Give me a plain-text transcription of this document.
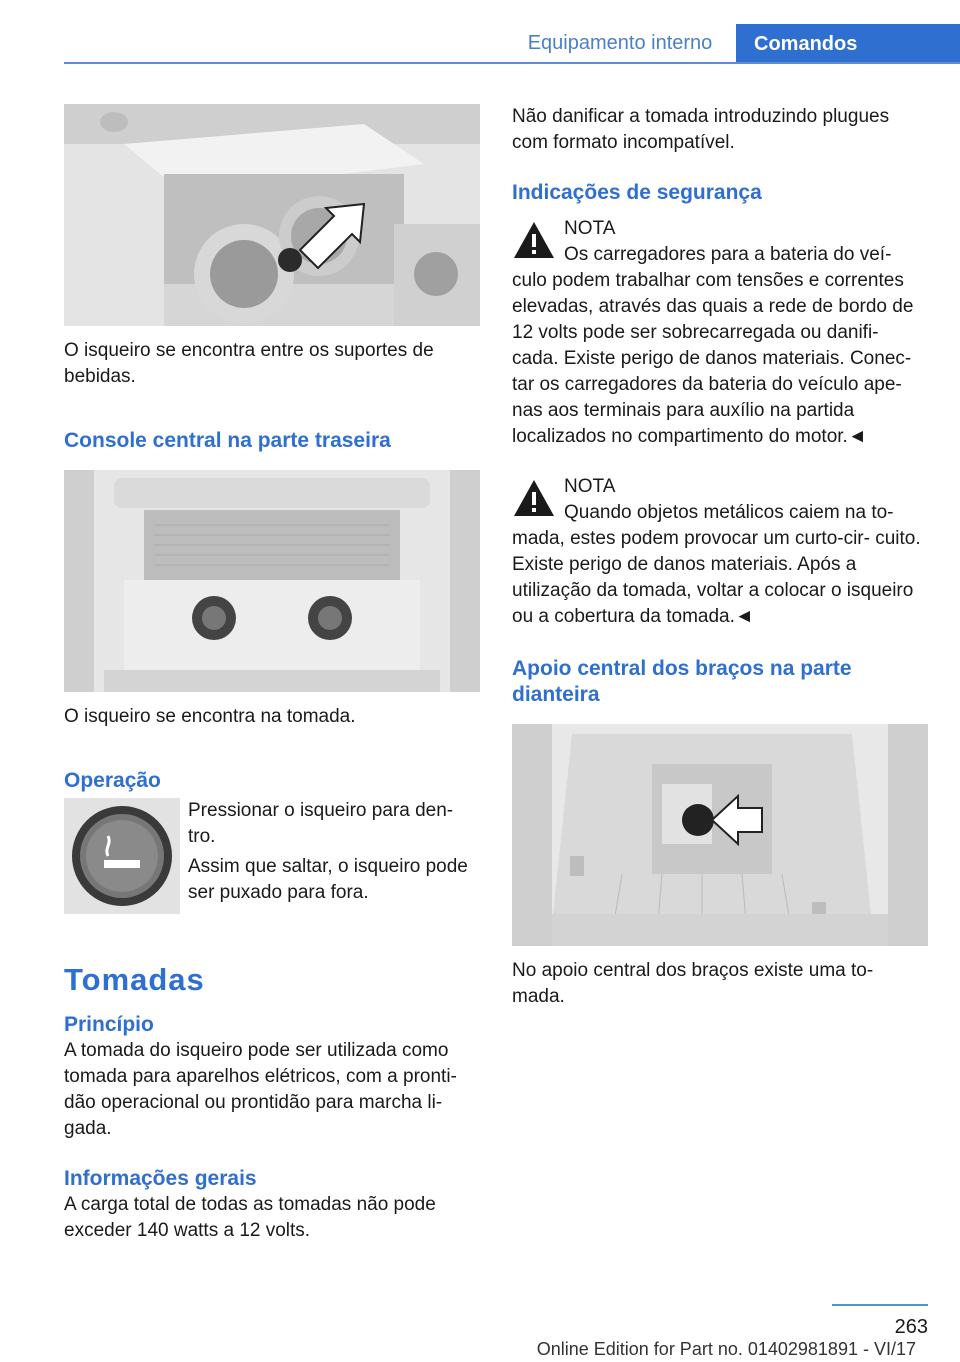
Equipamento interno	Comandos

O isqueiro se encontra entre os suportes de bebidas.

Console central na parte traseira

O isqueiro se encontra na tomada.

Operação

Pressionar o isqueiro para den- tro.

Assim que saltar, o isqueiro pode ser puxado para fora.

Tomadas
Princípio

A tomada do isqueiro pode ser utilizada como tomada para aparelhos elétricos, com a pronti- dão operacional ou prontidão para marcha li- gada.

Informações gerais

A carga total de todas as tomadas não pode exceder 140 watts a 12 volts.

Não danificar a tomada introduzindo plugues com formato incompatível.

Indicações de segurança

NOTA

Os carregadores para a bateria do veí- culo podem trabalhar com tensões e correntes elevadas, através das quais a rede de bordo de 12 volts pode ser sobrecarregada ou danifi- cada. Existe perigo de danos materiais. Conec- tar os carregadores da bateria do veículo ape- nas aos terminais para auxílio na partida localizados no compartimento do motor.◄

NOTA

Quando objetos metálicos caiem na to- mada, estes podem provocar um curto-cir- cuito. Existe perigo de danos materiais. Após a utilização da tomada, voltar a colocar o isqueiro ou a cobertura da tomada.◄

Apoio central dos braços na parte dianteira

No apoio central dos braços existe uma to- mada.

263
Online Edition for Part no. 01402981891 - VI/17
